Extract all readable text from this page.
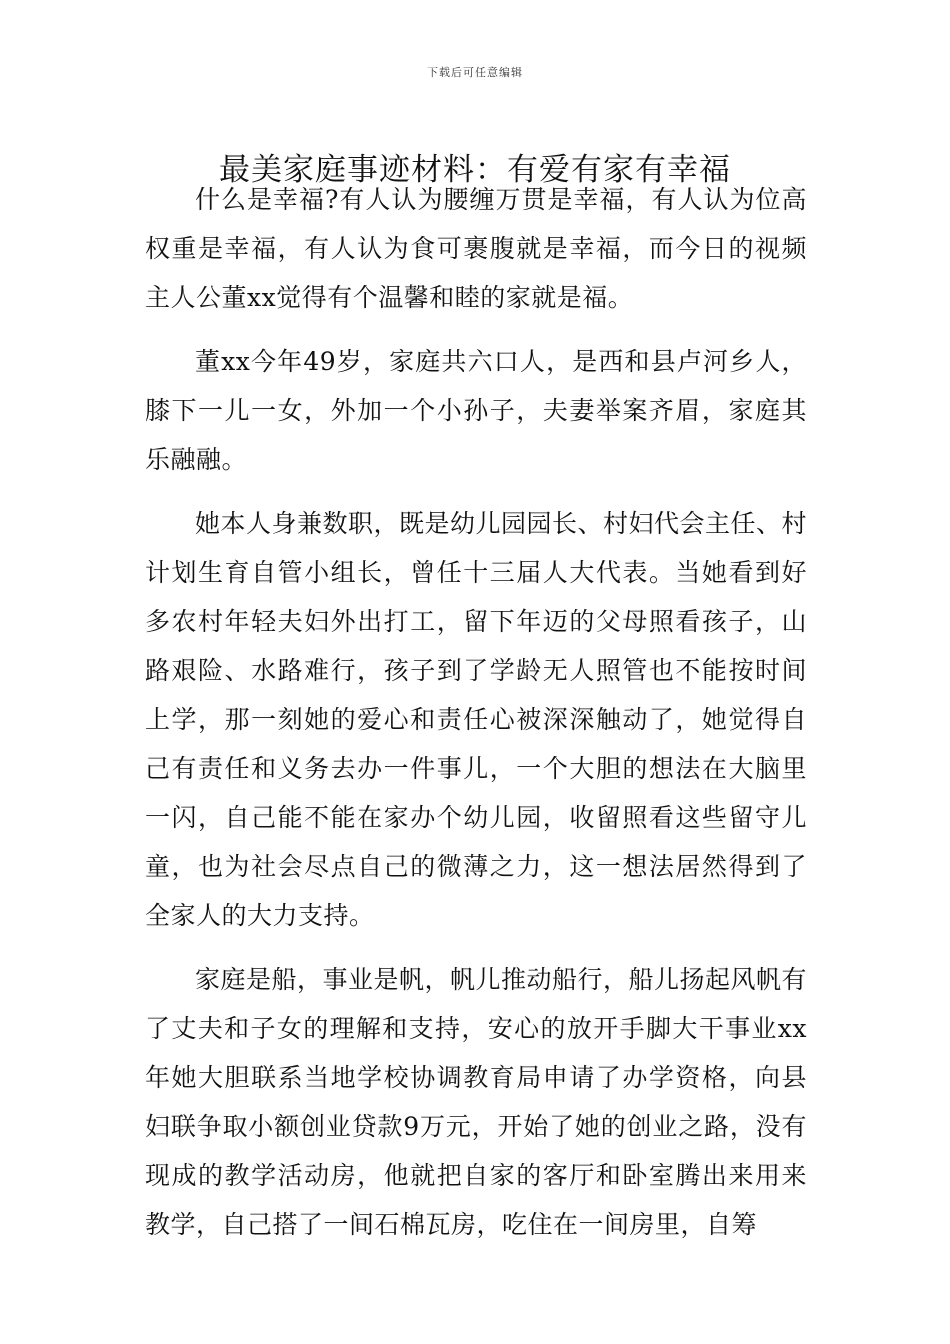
下载后可任意编辑
最美家庭事迹材料：有爱有家有幸福

什么是幸福?有人认为腰缠万贯是幸福，有人认为位高权重是幸福，有人认为食可裹腹就是幸福，而今日的视频主人公董xx觉得有个温馨和睦的家就是福。

董xx今年49岁，家庭共六口人，是西和县卢河乡人，膝下一儿一女，外加一个小孙子，夫妻举案齐眉，家庭其乐融融。

她本人身兼数职，既是幼儿园园长、村妇代会主任、村计划生育自管小组长，曾任十三届人大代表。当她看到好多农村年轻夫妇外出打工，留下年迈的父母照看孩子，山路艰险、水路难行，孩子到了学龄无人照管也不能按时间上学，那一刻她的爱心和责任心被深深触动了，她觉得自己有责任和义务去办一件事儿，一个大胆的想法在大脑里一闪，自己能不能在家办个幼儿园，收留照看这些留守儿童，也为社会尽点自己的微薄之力，这一想法居然得到了全家人的大力支持。

家庭是船，事业是帆，帆儿推动船行，船儿扬起风帆有了丈夫和子女的理解和支持，安心的放开手脚大干事业xx年她大胆联系当地学校协调教育局申请了办学资格，向县妇联争取小额创业贷款9万元，开始了她的创业之路，没有现成的教学活动房，他就把自家的客厅和卧室腾出来用来教学，自己搭了一间石棉瓦房，吃住在一间房里，自筹
